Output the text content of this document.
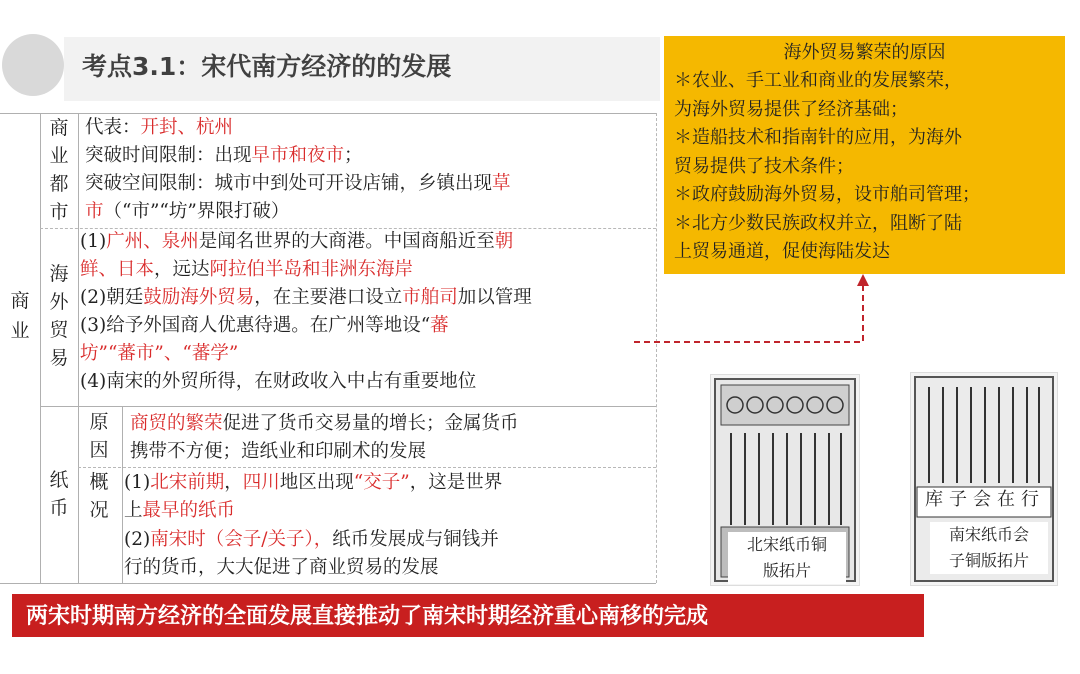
考点3.1：宋代南方经济的的发展
商
业
商
业
都
市
代表：开封、杭州
突破时间限制：出现早市和夜市；
突破空间限制：城市中到处可开设店铺，乡镇出现草
市（“市”“坊”界限打破）
海
外
贸
易
(1)广州、泉州是闻名世界的大商港。中国商船近至朝
鲜、日本，远达阿拉伯半岛和非洲东海岸
(2)朝廷鼓励海外贸易，在主要港口设立市舶司加以管理
(3)给予外国商人优惠待遇。在广州等地设“蕃
坊”“蕃市”、“蕃学”
(4)南宋的外贸所得，在财政收入中占有重要地位
纸
币
原
因
概
况
商贸的繁荣促进了货币交易量的增长；金属货币
携带不方便；造纸业和印刷术的发展
(1)北宋前期，四川地区出现“交子”，这是世界
上最早的纸币
(2)南宋时（会子/关子），纸币发展成与铜钱并
行的货币，大大促进了商业贸易的发展
海外贸易繁荣的原因
＊农业、手工业和商业的发展繁荣，
为海外贸易提供了经济基础；
＊造船技术和指南针的应用，为海外
贸易提供了技术条件；
＊政府鼓励海外贸易，设市舶司管理；
＊北方少数民族政权并立，阻断了陆
上贸易通道，促使海陆发达
北宋纸币铜
版拓片
行在会子库
南宋纸币会
子铜版拓片
两宋时期南方经济的全面发展直接推动了南宋时期经济重心南移的完成
